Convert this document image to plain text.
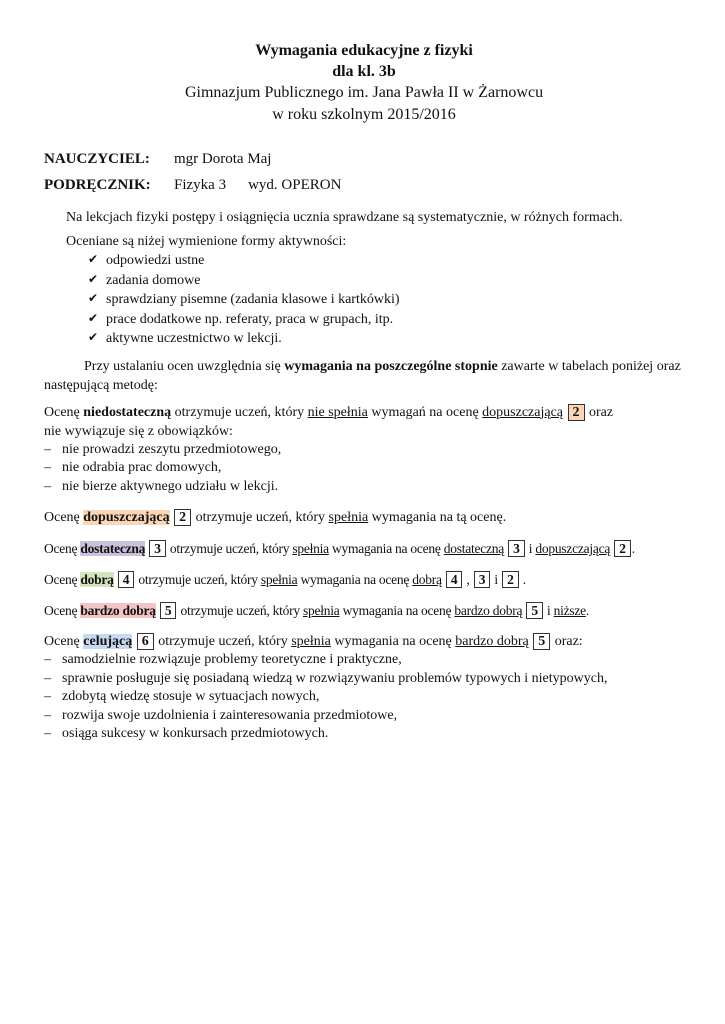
Wymagania edukacyjne z fizyki
dla kl. 3b
Gimnazjum Publicznego im. Jana Pawła II w Żarnowcu
w roku szkolnym 2015/2016
NAUCZYCIEL: mgr Dorota Maj
PODRĘCZNIK: Fizyka 3 wyd. OPERON
Na lekcjach fizyki postępy i osiągnięcia ucznia sprawdzane są systematycznie, w różnych formach.
Oceniane są niżej wymienione formy aktywności:
✔ odpowiedzi ustne
✔ zadania domowe
✔ sprawdziany pisemne (zadania klasowe i kartkówki)
✔ prace dodatkowe np. referaty, praca w grupach, itp.
✔ aktywne uczestnictwo w lekcji.
Przy ustalaniu ocen uwzględnia się wymagania na poszczególne stopnie zawarte w tabelach poniżej oraz następującą metodę:
Ocenę niedostateczną otrzymuje uczeń, który nie spełnia wymagań na ocenę dopuszczającą 2 oraz
nie wywiązuje się z obowiązków:
– nie prowadzi zeszytu przedmiotowego,
– nie odrabia prac domowych,
– nie bierze aktywnego udziału w lekcji.
Ocenę dopuszczającą 2 otrzymuje uczeń, który spełnia wymagania na tą ocenę.
Ocenę dostateczną 3 otrzymuje uczeń, który spełnia wymagania na ocenę dostateczną 3 i dopuszczającą 2 .
Ocenę dobrą 4 otrzymuje uczeń, który spełnia wymagania na ocenę dobrą 4 , 3 i 2 .
Ocenę bardzo dobrą 5 otrzymuje uczeń, który spełnia wymagania na ocenę bardzo dobrą 5 i niższe.
Ocenę celującą 6 otrzymuje uczeń, który spełnia wymagania na ocenę bardzo dobrą 5 oraz:
– samodzielnie rozwiązuje problemy teoretyczne i praktyczne,
– sprawnie posługuje się posiadaną wiedzą w rozwiązywaniu problemów typowych i nietypowych,
– zdobytą wiedzę stosuje w sytuacjach nowych,
– rozwija swoje uzdolnienia i zainteresowania przedmiotowe,
– osiąga sukcesy w konkursach przedmiotowych.
